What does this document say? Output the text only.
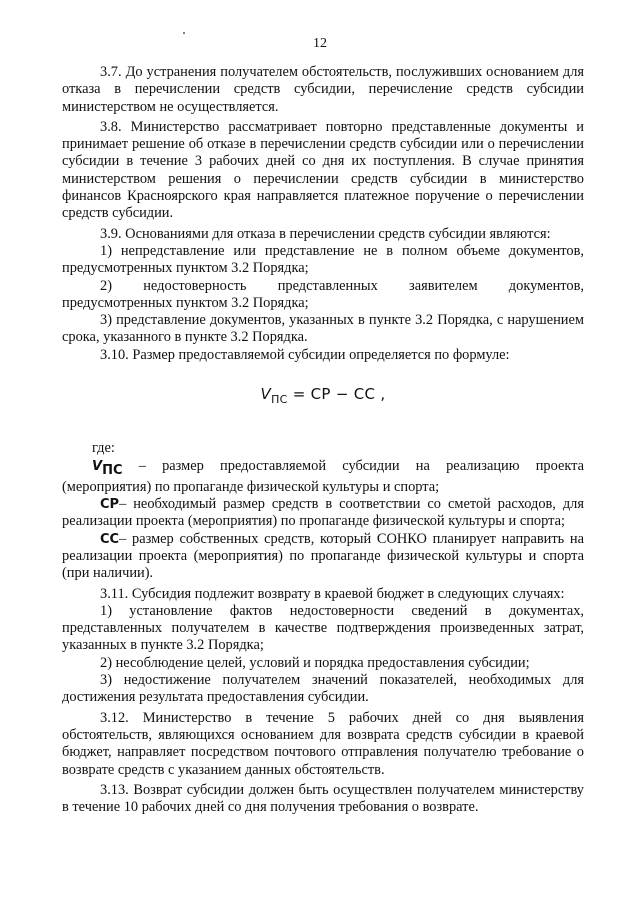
12

3.7. До устранения получателем обстоятельств, послуживших основанием для отказа в перечислении средств субсидии, перечисление средств субсидии министерством не осуществляется.

3.8. Министерство рассматривает повторно представленные документы и принимает решение об отказе в перечислении средств субсидии или о перечислении субсидии в течение 3 рабочих дней со дня их поступления. В случае принятия министерством решения о перечислении средств субсидии в министерство финансов Красноярского края направляется платежное поручение о перечислении средств субсидии.

3.9. Основаниями для отказа в перечислении средств субсидии являются:

1) непредставление или представление не в полном объеме документов, предусмотренных пунктом 3.2 Порядка;

2) недостоверность представленных заявителем документов, предусмотренных пунктом 3.2 Порядка;

3) представление документов, указанных в пункте 3.2 Порядка, с нарушением срока, указанного в пункте 3.2 Порядка.

3.10. Размер предоставляемой субсидии определяется по формуле:

$V_{ПС}$ = СР − СС ,

где:

$V_{ПС}$ – размер предоставляемой субсидии на реализацию проекта (мероприятия) по пропаганде физической культуры и спорта;

СР– необходимый размер средств в соответствии со сметой расходов, для реализации проекта (мероприятия) по пропаганде физической культуры и спорта;

СС– размер собственных средств, который СОНКО планирует направить на реализации проекта (мероприятия) по пропаганде физической культуры и спорта (при наличии).

3.11. Субсидия подлежит возврату в краевой бюджет в следующих случаях:

1) установление фактов недостоверности сведений в документах, представленных получателем в качестве подтверждения произведенных затрат, указанных в пункте 3.2 Порядка;

2) несоблюдение целей, условий и порядка предоставления субсидии;

3) недостижение получателем значений показателей, необходимых для достижения результата предоставления субсидии.

3.12. Министерство в течение 5 рабочих дней со дня выявления обстоятельств, являющихся основанием для возврата средств субсидии в краевой бюджет, направляет посредством почтового отправления получателю требование о возврате средств с указанием данных обстоятельств.

3.13. Возврат субсидии должен быть осуществлен получателем министерству в течение 10 рабочих дней со дня получения требования о возврате.
